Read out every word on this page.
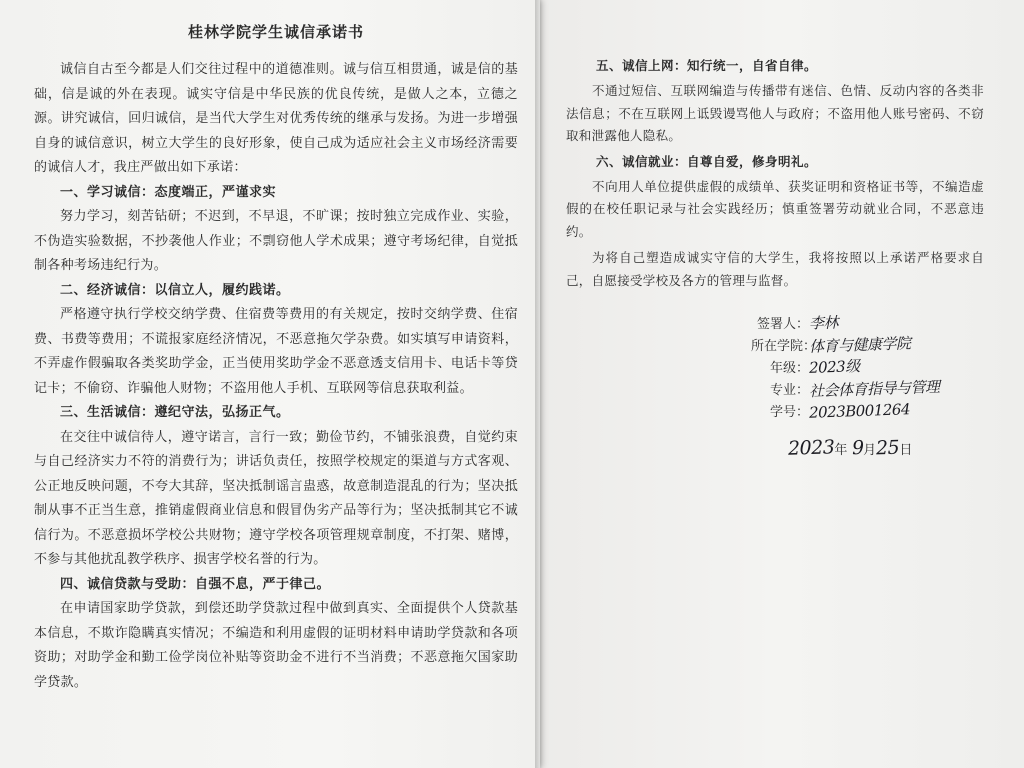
桂林学院学生诚信承诺书

诚信自古至今都是人们交往过程中的道德准则。诚与信互相贯通，诚是信的基础，信是诚的外在表现。诚实守信是中华民族的优良传统，是做人之本，立德之源。讲究诚信，回归诚信，是当代大学生对优秀传统的继承与发扬。为进一步增强自身的诚信意识，树立大学生的良好形象，使自己成为适应社会主义市场经济需要的诚信人才，我庄严做出如下承诺：

一、学习诚信：态度端正，严谨求实

努力学习，刻苦钻研；不迟到，不早退，不旷课；按时独立完成作业、实验，不伪造实验数据，不抄袭他人作业；不剽窃他人学术成果；遵守考场纪律，自觉抵制各种考场违纪行为。

二、经济诚信：以信立人，履约践诺。

严格遵守执行学校交纳学费、住宿费等费用的有关规定，按时交纳学费、住宿费、书费等费用；不谎报家庭经济情况，不恶意拖欠学杂费。如实填写申请资料，不弄虚作假骗取各类奖助学金，正当使用奖助学金不恶意透支信用卡、电话卡等贷记卡；不偷窃、诈骗他人财物；不盗用他人手机、互联网等信息获取利益。

三、生活诚信：遵纪守法，弘扬正气。

在交往中诚信待人，遵守诺言，言行一致；勤俭节约，不铺张浪费，自觉约束与自己经济实力不符的消费行为；讲话负责任，按照学校规定的渠道与方式客观、公正地反映问题，不夸大其辞，坚决抵制谣言蛊惑，故意制造混乱的行为；坚决抵制从事不正当生意，推销虚假商业信息和假冒伪劣产品等行为；坚决抵制其它不诚信行为。不恶意损坏学校公共财物；遵守学校各项管理规章制度，不打架、赌博，不参与其他扰乱教学秩序、损害学校名誉的行为。

四、诚信贷款与受助：自强不息，严于律己。

在申请国家助学贷款，到偿还助学贷款过程中做到真实、全面提供个人贷款基本信息，不欺诈隐瞒真实情况；不编造和利用虚假的证明材料申请助学贷款和各项资助；对助学金和勤工俭学岗位补贴等资助金不进行不当消费；不恶意拖欠国家助学贷款。

五、诚信上网：知行统一，自省自律。

不通过短信、互联网编造与传播带有迷信、色情、反动内容的各类非法信息；不在互联网上诋毁谩骂他人与政府；不盗用他人账号密码、不窃取和泄露他人隐私。

六、诚信就业：自尊自爱，修身明礼。

不向用人单位提供虚假的成绩单、获奖证明和资格证书等，不编造虚假的在校任职记录与社会实践经历；慎重签署劳动就业合同，不恶意违约。

为将自己塑造成诚实守信的大学生，我将按照以上承诺严格要求自己，自愿接受学校及各方的管理与监督。

签署人：李林
所在学院：体育与健康学院
年级：2023级
专业：社会体育指导与管理
学号：2023B001264
2023年 9月25日
